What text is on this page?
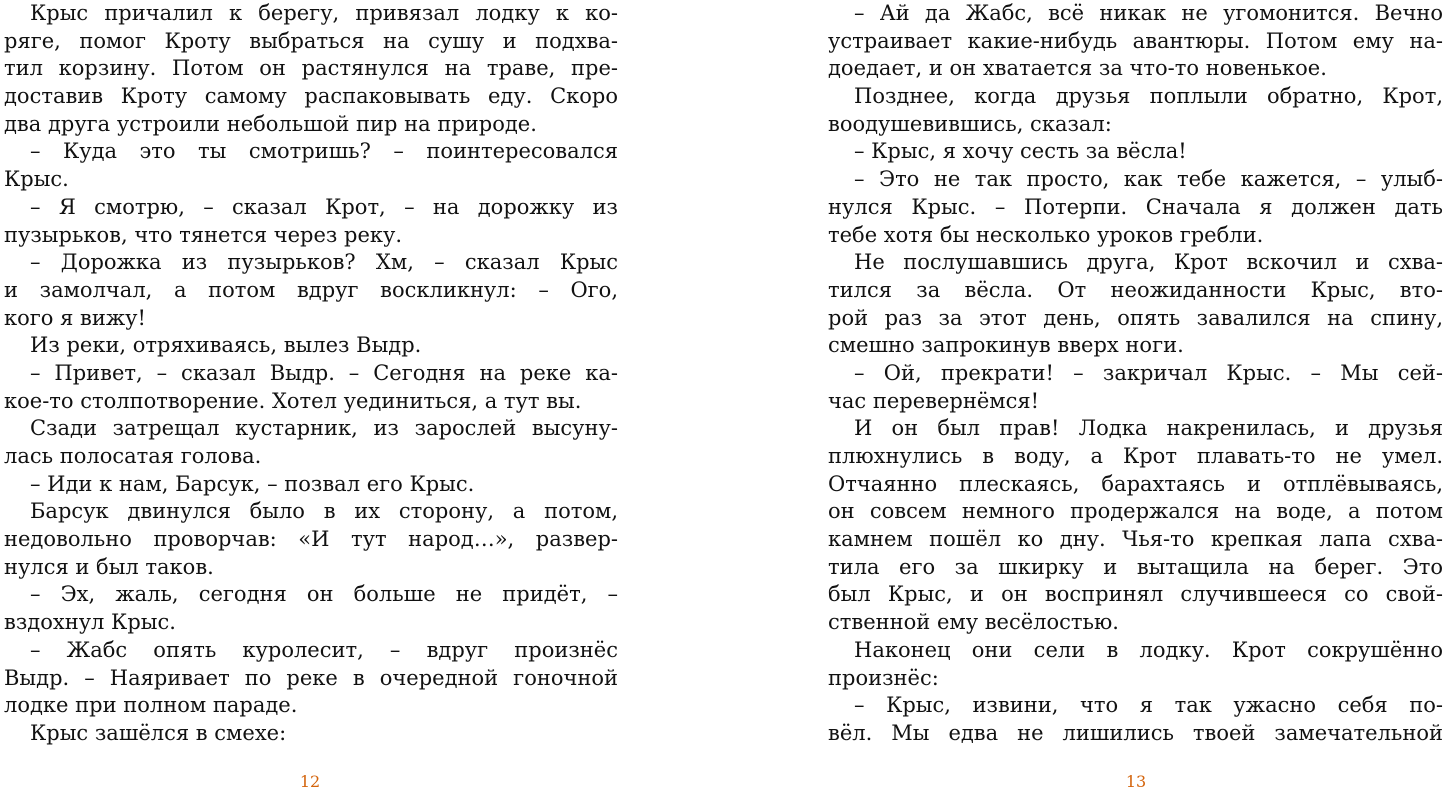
Крыс причалил к берегу, привязал лодку к ко-
ряге, помог Кроту выбраться на сушу и подхва-
тил корзину. Потом он растянулся на траве, пре-
доставив Кроту самому распаковывать еду. Скоро
два друга устроили небольшой пир на природе.
– Куда это ты смотришь? – поинтересовался
Крыс.
– Я смотрю, – сказал Крот, – на дорожку из
пузырьков, что тянется через реку.
– Дорожка из пузырьков? Хм, – сказал Крыс
и замолчал, а потом вдруг воскликнул: – Ого,
кого я вижу!
Из реки, отряхиваясь, вылез Выдр.
– Привет, – сказал Выдр. – Сегодня на реке ка-
кое-то столпотворение. Хотел уединиться, а тут вы.
Сзади затрещал кустарник, из зарослей высуну-
лась полосатая голова.
– Иди к нам, Барсук, – позвал его Крыс.
Барсук двинулся было в их сторону, а потом,
недовольно проворчав: «И тут народ…», развер-
нулся и был таков.
– Эх, жаль, сегодня он больше не придёт, –
вздохнул Крыс.
– Жабс опять куролесит, – вдруг произнёс
Выдр. – Наяривает по реке в очередной гоночной
лодке при полном параде.
Крыс зашёлся в смехе:
12
– Ай да Жабс, всё никак не угомонится. Вечно
устраивает какие-нибудь авантюры. Потом ему на-
доедает, и он хватается за что-то новенькое.
Позднее, когда друзья поплыли обратно, Крот,
воодушевившись, сказал:
– Крыс, я хочу сесть за вёсла!
– Это не так просто, как тебе кажется, – улыб-
нулся Крыс. – Потерпи. Сначала я должен дать
тебе хотя бы несколько уроков гребли.
Не послушавшись друга, Крот вскочил и схва-
тился за вёсла. От неожиданности Крыс, вто-
рой раз за этот день, опять завалился на спину,
смешно запрокинув вверх ноги.
– Ой, прекрати! – закричал Крыс. – Мы сей-
час перевернёмся!
И он был прав! Лодка накренилась, и друзья
плюхнулись в воду, а Крот плавать-то не умел.
Отчаянно плескаясь, барахтаясь и отплёвываясь,
он совсем немного продержался на воде, а потом
камнем пошёл ко дну. Чья-то крепкая лапа схва-
тила его за шкирку и вытащила на берег. Это
был Крыс, и он воспринял случившееся со свой-
ственной ему весёлостью.
Наконец они сели в лодку. Крот сокрушённо
произнёс:
– Крыс, извини, что я так ужасно себя по-
вёл. Мы едва не лишились твоей замечательной
13
